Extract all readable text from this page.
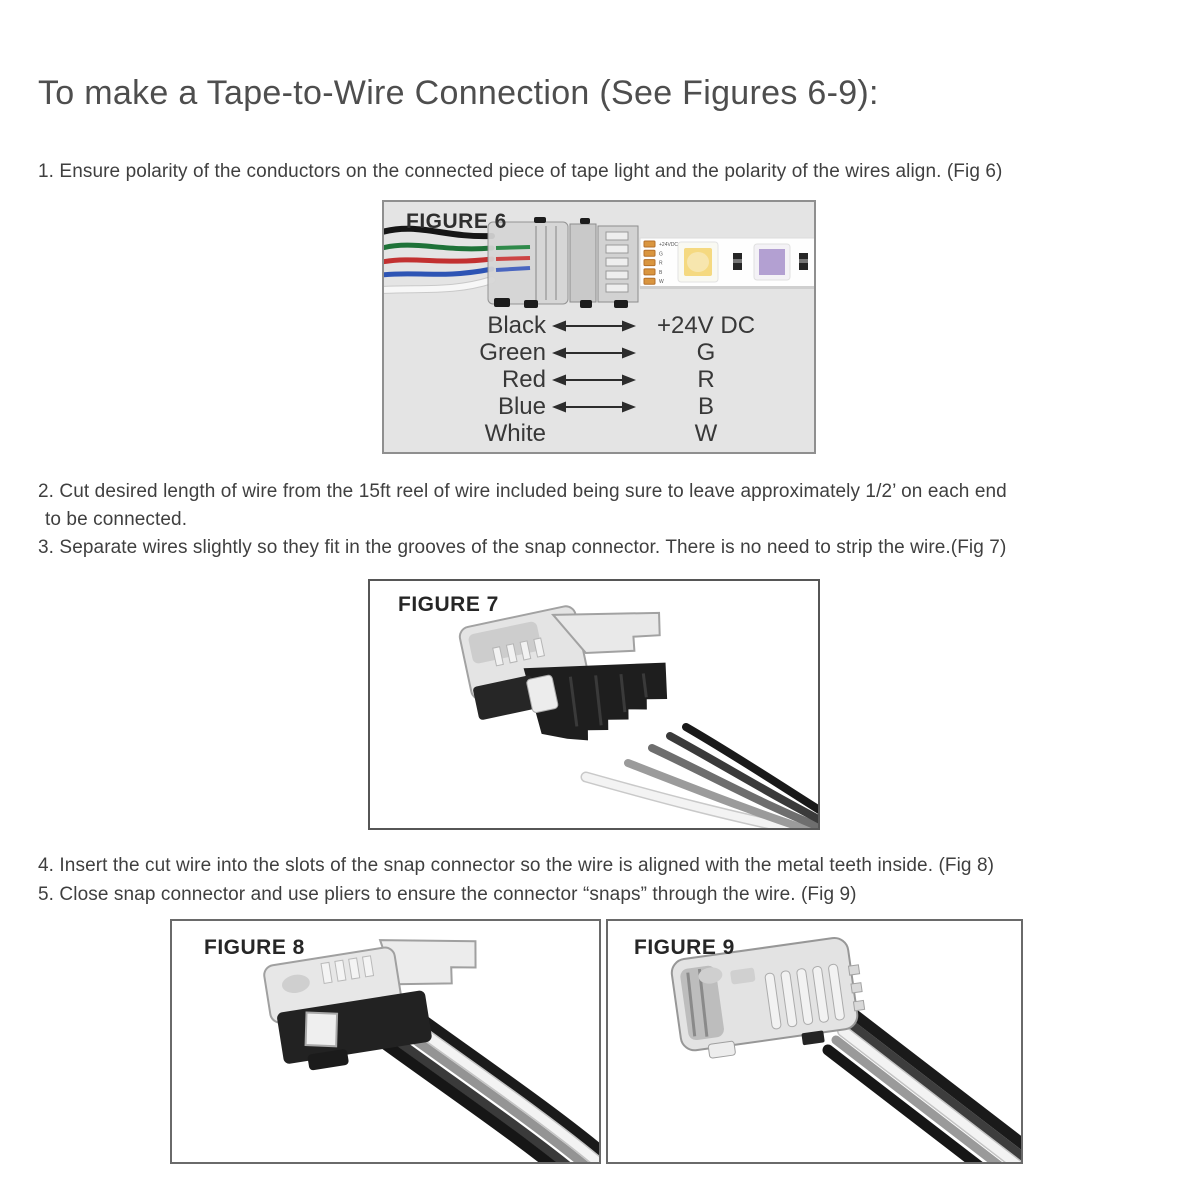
To make a Tape-to-Wire Connection (See Figures 6-9):
1. Ensure polarity of the conductors on the connected piece of tape light and the polarity of the wires align. (Fig 6)
FIGURE 6
+24VDC
G
R
B
W
Black	+24V DC
Green	G
Red	R
Blue	B
White	W
2. Cut desired length of wire from the 15ft reel of wire included being sure to leave approximately 1/2’ on each end
to be connected.
3. Separate wires slightly so they fit in the grooves of the snap connector. There is no need to strip the wire.(Fig 7)
FIGURE 7
4. Insert the cut wire into the slots of the snap connector so the wire is aligned with the metal teeth inside. (Fig 8)
5. Close snap connector and use pliers to ensure the connector “snaps” through the wire. (Fig 9)
FIGURE 8	FIGURE 9
